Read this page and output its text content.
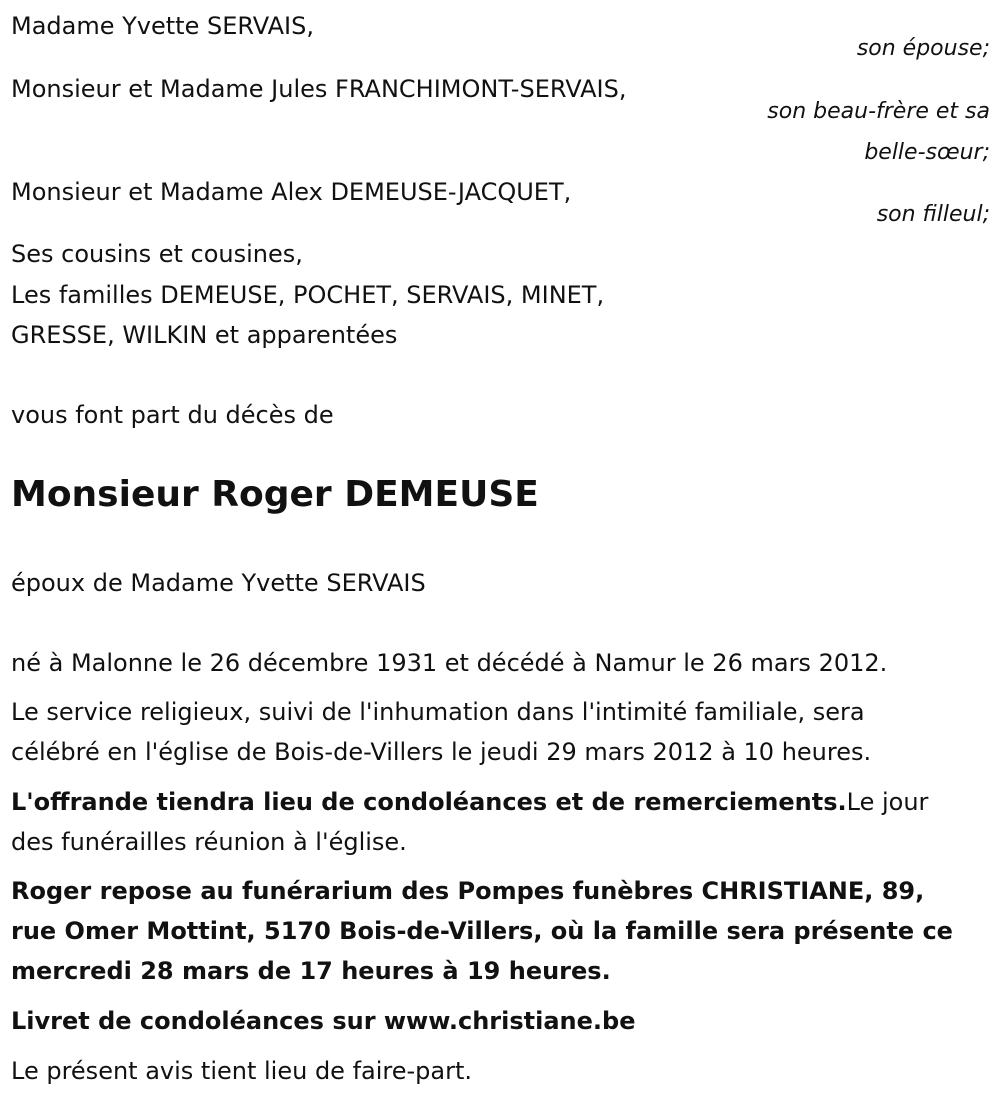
Madame Yvette SERVAIS,
son épouse;
Monsieur et Madame Jules FRANCHIMONT-SERVAIS,
son beau-frère et sa
belle-sœur;
Monsieur et Madame Alex DEMEUSE-JACQUET,
son filleul;
Ses cousins et cousines,
Les familles DEMEUSE, POCHET, SERVAIS, MINET,
GRESSE, WILKIN et apparentées
vous font part du décès de
Monsieur Roger DEMEUSE
époux de Madame Yvette SERVAIS
né à Malonne le 26 décembre 1931 et décédé à Namur le 26 mars 2012.
Le service religieux, suivi de l'inhumation dans l'intimité familiale, sera
célébré en l'église de Bois-de-Villers le jeudi 29 mars 2012 à 10 heures.
L'offrande tiendra lieu de condoléances et de remerciements.Le jour
des funérailles réunion à l'église.
Roger repose au funérarium des Pompes funèbres CHRISTIANE, 89,
rue Omer Mottint, 5170 Bois-de-Villers, où la famille sera présente ce
mercredi 28 mars de 17 heures à 19 heures.
Livret de condoléances sur www.christiane.be
Le présent avis tient lieu de faire-part.
